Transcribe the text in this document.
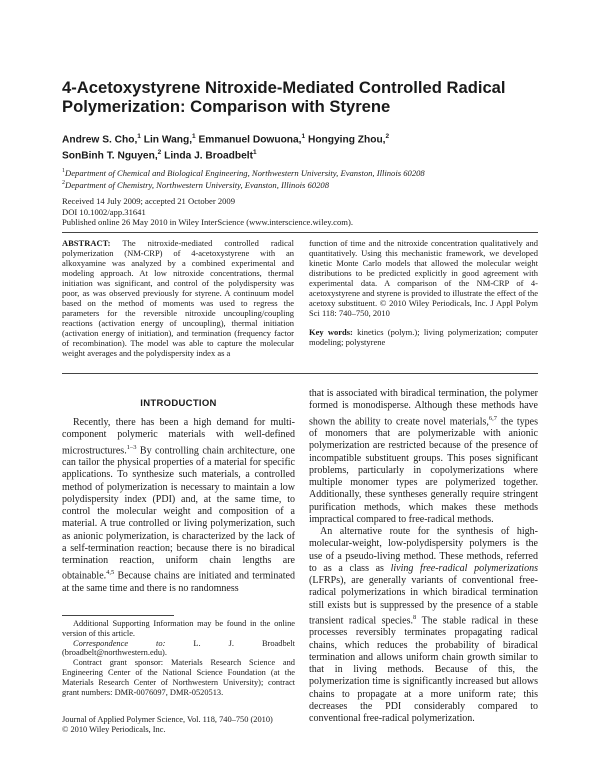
4-Acetoxystyrene Nitroxide-Mediated Controlled Radical Polymerization: Comparison with Styrene
Andrew S. Cho,$^1$ Lin Wang,$^1$ Emmanuel Dowuona,$^1$ Hongying Zhou,$^2$
SonBinh T. Nguyen,$^2$ Linda J. Broadbelt$^1$
$^1$Department of Chemical and Biological Engineering, Northwestern University, Evanston, Illinois 60208
$^2$Department of Chemistry, Northwestern University, Evanston, Illinois 60208
Received 14 July 2009; accepted 21 October 2009
DOI 10.1002/app.31641
Published online 26 May 2010 in Wiley InterScience (www.interscience.wiley.com).

ABSTRACT: The nitroxide-mediated controlled radical polymerization (NM-CRP) of 4-acetoxystyrene with an alkoxyamine was analyzed by a combined experimental and modeling approach. At low nitroxide concentrations, thermal initiation was significant, and control of the polydispersity was poor, as was observed previously for styrene. A continuum model based on the method of moments was used to regress the parameters for the reversible nitroxide uncoupling/coupling reactions (activation energy of uncoupling), thermal initiation (activation energy of initiation), and termination (frequency factor of recombination). The model was able to capture the molecular weight averages and the polydispersity index as a

function of time and the nitroxide concentration qualitatively and quantitatively. Using this mechanistic framework, we developed kinetic Monte Carlo models that allowed the molecular weight distributions to be predicted explicitly in good agreement with experimental data. A comparison of the NM-CRP of 4-acetoxystyrene and styrene is provided to illustrate the effect of the acetoxy substituent. © 2010 Wiley Periodicals, Inc. J Appl Polym Sci 118: 740–750, 2010

Key words: kinetics (polym.); living polymerization; computer modeling; polystyrene

INTRODUCTION

Recently, there has been a high demand for multi-component polymeric materials with well-defined microstructures.$^{1-3}$ By controlling chain architecture, one can tailor the physical properties of a material for specific applications. To synthesize such materials, a controlled method of polymerization is necessary to maintain a low polydispersity index (PDI) and, at the same time, to control the molecular weight and composition of a material. A true controlled or living polymerization, such as anionic polymerization, is characterized by the lack of a self-termination reaction; because there is no biradical termination reaction, uniform chain lengths are obtainable.$^{4,5}$ Because chains are initiated and terminated at the same time and there is no randomness

Additional Supporting Information may be found in the online version of this article.

Correspondence to: L. J. Broadbelt (broadbelt@northwestern.edu).

Contract grant sponsor: Materials Research Science and Engineering Center of the National Science Foundation (at the Materials Research Center of Northwestern University); contract grant numbers: DMR-0076097, DMR-0520513.

Journal of Applied Polymer Science, Vol. 118, 740–750 (2010)
© 2010 Wiley Periodicals, Inc.

that is associated with biradical termination, the polymer formed is monodisperse. Although these methods have shown the ability to create novel materials,$^{6,7}$ the types of monomers that are polymerizable with anionic polymerization are restricted because of the presence of incompatible substituent groups. This poses significant problems, particularly in copolymerizations where multiple monomer types are polymerized together. Additionally, these syntheses generally require stringent purification methods, which makes these methods impractical compared to free-radical methods.

An alternative route for the synthesis of high-molecular-weight, low-polydispersity polymers is the use of a pseudo-living method. These methods, referred to as a class as living free-radical polymerizations (LFRPs), are generally variants of conventional free-radical polymerizations in which biradical termination still exists but is suppressed by the presence of a stable transient radical species.$^8$ The stable radical in these processes reversibly terminates propagating radical chains, which reduces the probability of biradical termination and allows uniform chain growth similar to that in living methods. Because of this, the polymerization time is significantly increased but allows chains to propagate at a more uniform rate; this decreases the PDI considerably compared to conventional free-radical polymerization.
